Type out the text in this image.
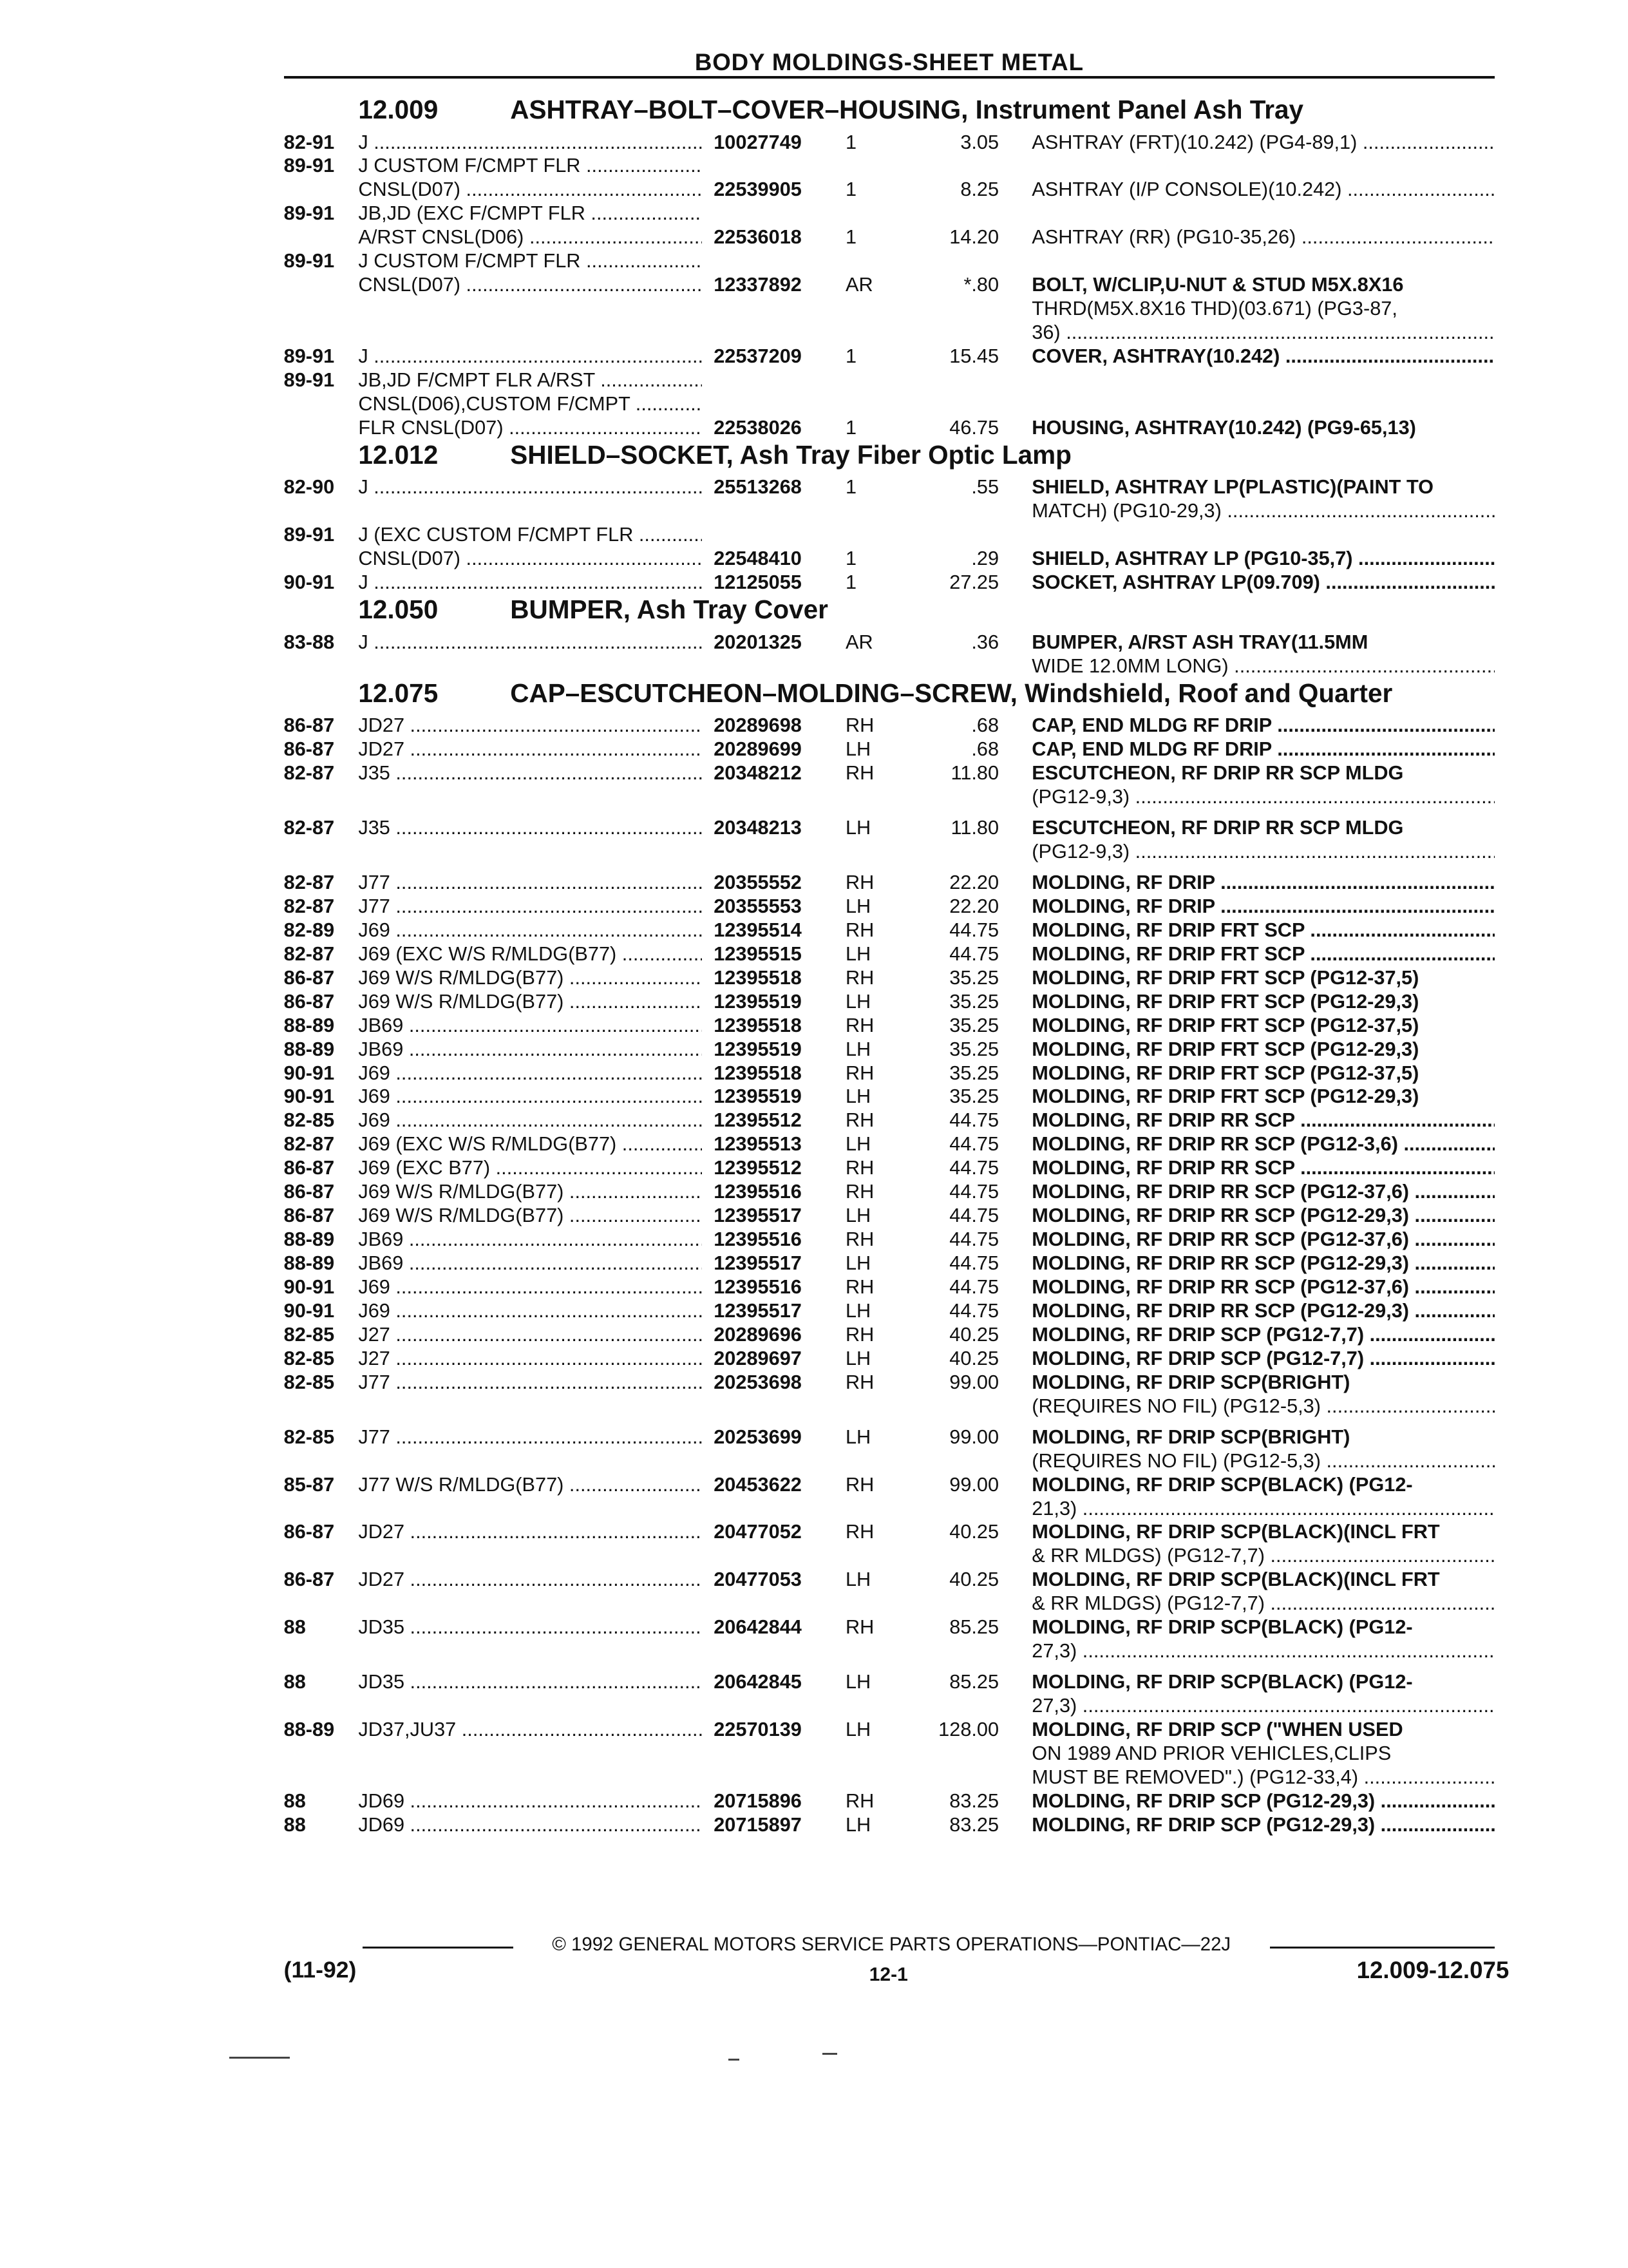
BODY MOLDINGS-SHEET METAL
12.009	ASHTRAY–BOLT–COVER–HOUSING, Instrument Panel Ash Tray
82-91	J .....	10027749	1	3.05	ASHTRAY (FRT)(10.242) (PG4-89,1) .....
89-91	J CUSTOM F/CMPT FLR .....
CNSL(D07) .....	22539905	1	8.25	ASHTRAY (I/P CONSOLE)(10.242) .....
89-91	JB,JD (EXC F/CMPT FLR .....
A/RST CNSL(D06) .....	22536018	1	14.20	ASHTRAY (RR) (PG10-35,26) .....
89-91	J CUSTOM F/CMPT FLR .....
CNSL(D07) .....	12337892	AR	*.80	BOLT, W/CLIP,U-NUT & STUD M5X.8X16
THRD(M5X.8X16 THD)(03.671) (PG3-87,
36) .....
89-91	J .....	22537209	1	15.45	COVER, ASHTRAY(10.242) .....
89-91	JB,JD F/CMPT FLR A/RST .....
CNSL(D06),CUSTOM F/CMPT .....
FLR CNSL(D07) .....	22538026	1	46.75	HOUSING, ASHTRAY(10.242) (PG9-65,13)
12.012	SHIELD–SOCKET, Ash Tray Fiber Optic Lamp
82-90	J .....	25513268	1	.55	SHIELD, ASHTRAY LP(PLASTIC)(PAINT TO
MATCH) (PG10-29,3) .....
89-91	J (EXC CUSTOM F/CMPT FLR .....
CNSL(D07) .....	22548410	1	.29	SHIELD, ASHTRAY LP (PG10-35,7) .....
90-91	J .....	12125055	1	27.25	SOCKET, ASHTRAY LP(09.709) .....
12.050	BUMPER, Ash Tray Cover
83-88	J .....	20201325	AR	.36	BUMPER, A/RST ASH TRAY(11.5MM
WIDE 12.0MM LONG) .....
12.075	CAP–ESCUTCHEON–MOLDING–SCREW, Windshield, Roof and Quarter
86-87	JD27 .....	20289698	RH	.68	CAP, END MLDG RF DRIP .....
86-87	JD27 .....	20289699	LH	.68	CAP, END MLDG RF DRIP .....
82-87	J35 .....	20348212	RH	11.80	ESCUTCHEON, RF DRIP RR SCP MLDG
(PG12-9,3) .....
82-87	J35 .....	20348213	LH	11.80	ESCUTCHEON, RF DRIP RR SCP MLDG
(PG12-9,3) .....
82-87	J77 .....	20355552	RH	22.20	MOLDING, RF DRIP .....
82-87	J77 .....	20355553	LH	22.20	MOLDING, RF DRIP .....
82-89	J69 .....	12395514	RH	44.75	MOLDING, RF DRIP FRT SCP .....
82-87	J69 (EXC W/S R/MLDG(B77) .....	12395515	LH	44.75	MOLDING, RF DRIP FRT SCP .....
86-87	J69 W/S R/MLDG(B77) .....	12395518	RH	35.25	MOLDING, RF DRIP FRT SCP (PG12-37,5)
86-87	J69 W/S R/MLDG(B77) .....	12395519	LH	35.25	MOLDING, RF DRIP FRT SCP (PG12-29,3)
88-89	JB69 .....	12395518	RH	35.25	MOLDING, RF DRIP FRT SCP (PG12-37,5)
88-89	JB69 .....	12395519	LH	35.25	MOLDING, RF DRIP FRT SCP (PG12-29,3)
90-91	J69 .....	12395518	RH	35.25	MOLDING, RF DRIP FRT SCP (PG12-37,5)
90-91	J69 .....	12395519	LH	35.25	MOLDING, RF DRIP FRT SCP (PG12-29,3)
82-85	J69 .....	12395512	RH	44.75	MOLDING, RF DRIP RR SCP .....
82-87	J69 (EXC W/S R/MLDG(B77) .....	12395513	LH	44.75	MOLDING, RF DRIP RR SCP (PG12-3,6) .....
86-87	J69 (EXC B77) .....	12395512	RH	44.75	MOLDING, RF DRIP RR SCP .....
86-87	J69 W/S R/MLDG(B77) .....	12395516	RH	44.75	MOLDING, RF DRIP RR SCP (PG12-37,6) .....
86-87	J69 W/S R/MLDG(B77) .....	12395517	LH	44.75	MOLDING, RF DRIP RR SCP (PG12-29,3) .....
88-89	JB69 .....	12395516	RH	44.75	MOLDING, RF DRIP RR SCP (PG12-37,6) .....
88-89	JB69 .....	12395517	LH	44.75	MOLDING, RF DRIP RR SCP (PG12-29,3) .....
90-91	J69 .....	12395516	RH	44.75	MOLDING, RF DRIP RR SCP (PG12-37,6) .....
90-91	J69 .....	12395517	LH	44.75	MOLDING, RF DRIP RR SCP (PG12-29,3) .....
82-85	J27 .....	20289696	RH	40.25	MOLDING, RF DRIP SCP (PG12-7,7) .....
82-85	J27 .....	20289697	LH	40.25	MOLDING, RF DRIP SCP (PG12-7,7) .....
82-85	J77 .....	20253698	RH	99.00	MOLDING, RF DRIP SCP(BRIGHT)
(REQUIRES NO FIL) (PG12-5,3) .....
82-85	J77 .....	20253699	LH	99.00	MOLDING, RF DRIP SCP(BRIGHT)
(REQUIRES NO FIL) (PG12-5,3) .....
85-87	J77 W/S R/MLDG(B77) .....	20453622	RH	99.00	MOLDING, RF DRIP SCP(BLACK) (PG12-
21,3) .....
86-87	JD27 .....	20477052	RH	40.25	MOLDING, RF DRIP SCP(BLACK)(INCL FRT
& RR MLDGS) (PG12-7,7) .....
86-87	JD27 .....	20477053	LH	40.25	MOLDING, RF DRIP SCP(BLACK)(INCL FRT
& RR MLDGS) (PG12-7,7) .....
88	JD35 .....	20642844	RH	85.25	MOLDING, RF DRIP SCP(BLACK) (PG12-
27,3) .....
88	JD35 .....	20642845	LH	85.25	MOLDING, RF DRIP SCP(BLACK) (PG12-
27,3) .....
88-89	JD37,JU37 .....	22570139	LH	128.00	MOLDING, RF DRIP SCP ("WHEN USED
ON 1989 AND PRIOR VEHICLES,CLIPS
MUST BE REMOVED".) (PG12-33,4) .....
88	JD69 .....	20715896	RH	83.25	MOLDING, RF DRIP SCP (PG12-29,3) .....
88	JD69 .....	20715897	LH	83.25	MOLDING, RF DRIP SCP (PG12-29,3) .....
© 1992 GENERAL MOTORS SERVICE PARTS OPERATIONS—PONTIAC—22J
(11-92)	12-1	12.009-12.075
